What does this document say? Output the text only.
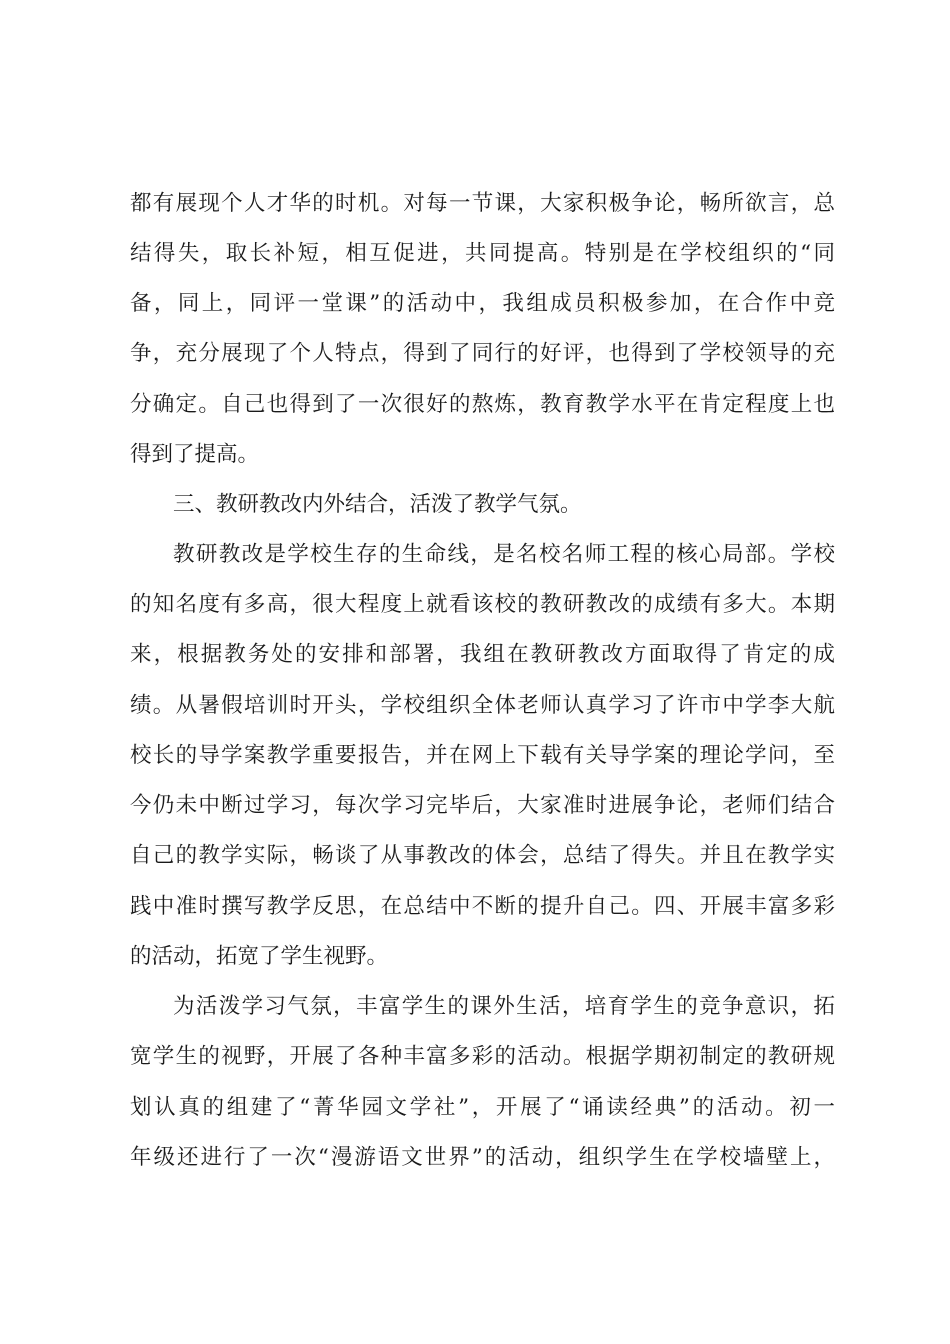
都有展现个人才华的时机。对每一节课，大家积极争论，畅所欲言，总
结得失，取长补短，相互促进，共同提高。特别是在学校组织的“同
备，同上，同评一堂课”的活动中，我组成员积极参加，在合作中竞
争，充分展现了个人特点，得到了同行的好评，也得到了学校领导的充
分确定。自己也得到了一次很好的熬炼，教育教学水平在肯定程度上也
得到了提高。
三、教研教改内外结合，活泼了教学气氛。
教研教改是学校生存的生命线，是名校名师工程的核心局部。学校
的知名度有多高，很大程度上就看该校的教研教改的成绩有多大。本期
来，根据教务处的安排和部署，我组在教研教改方面取得了肯定的成
绩。从暑假培训时开头，学校组织全体老师认真学习了许市中学李大航
校长的导学案教学重要报告，并在网上下载有关导学案的理论学问，至
今仍未中断过学习，每次学习完毕后，大家准时进展争论，老师们结合
自己的教学实际，畅谈了从事教改的体会，总结了得失。并且在教学实
践中准时撰写教学反思，在总结中不断的提升自己。四、开展丰富多彩
的活动，拓宽了学生视野。
为活泼学习气氛，丰富学生的课外生活，培育学生的竞争意识，拓
宽学生的视野，开展了各种丰富多彩的活动。根据学期初制定的教研规
划认真的组建了“菁华园文学社”，开展了“诵读经典”的活动。初一
年级还进行了一次“漫游语文世界”的活动，组织学生在学校墙壁上，
